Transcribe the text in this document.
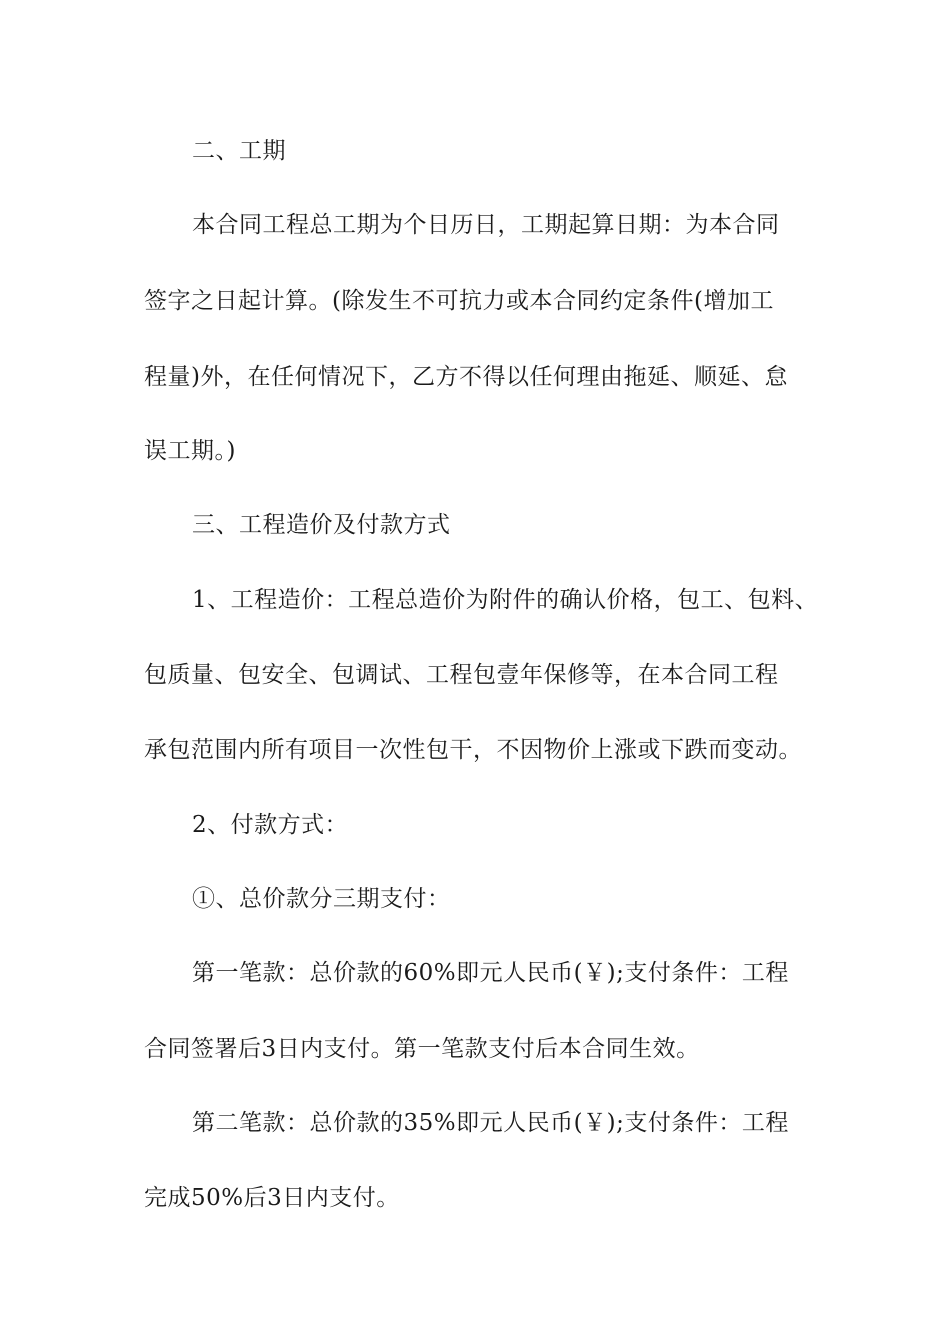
二、工期
本合同工程总工期为个日历日，工期起算日期：为本合同
签字之日起计算。(除发生不可抗力或本合同约定条件(增加工
程量)外，在任何情况下，乙方不得以任何理由拖延、顺延、怠
误工期。)
三、工程造价及付款方式
1、工程造价：工程总造价为附件的确认价格，包工、包料、
包质量、包安全、包调试、工程包壹年保修等，在本合同工程
承包范围内所有项目一次性包干，不因物价上涨或下跌而变动。
2、付款方式：
①、总价款分三期支付：
第一笔款：总价款的60%即元人民币(￥);支付条件：工程
合同签署后3日内支付。第一笔款支付后本合同生效。
第二笔款：总价款的35%即元人民币(￥);支付条件：工程
完成50%后3日内支付。
